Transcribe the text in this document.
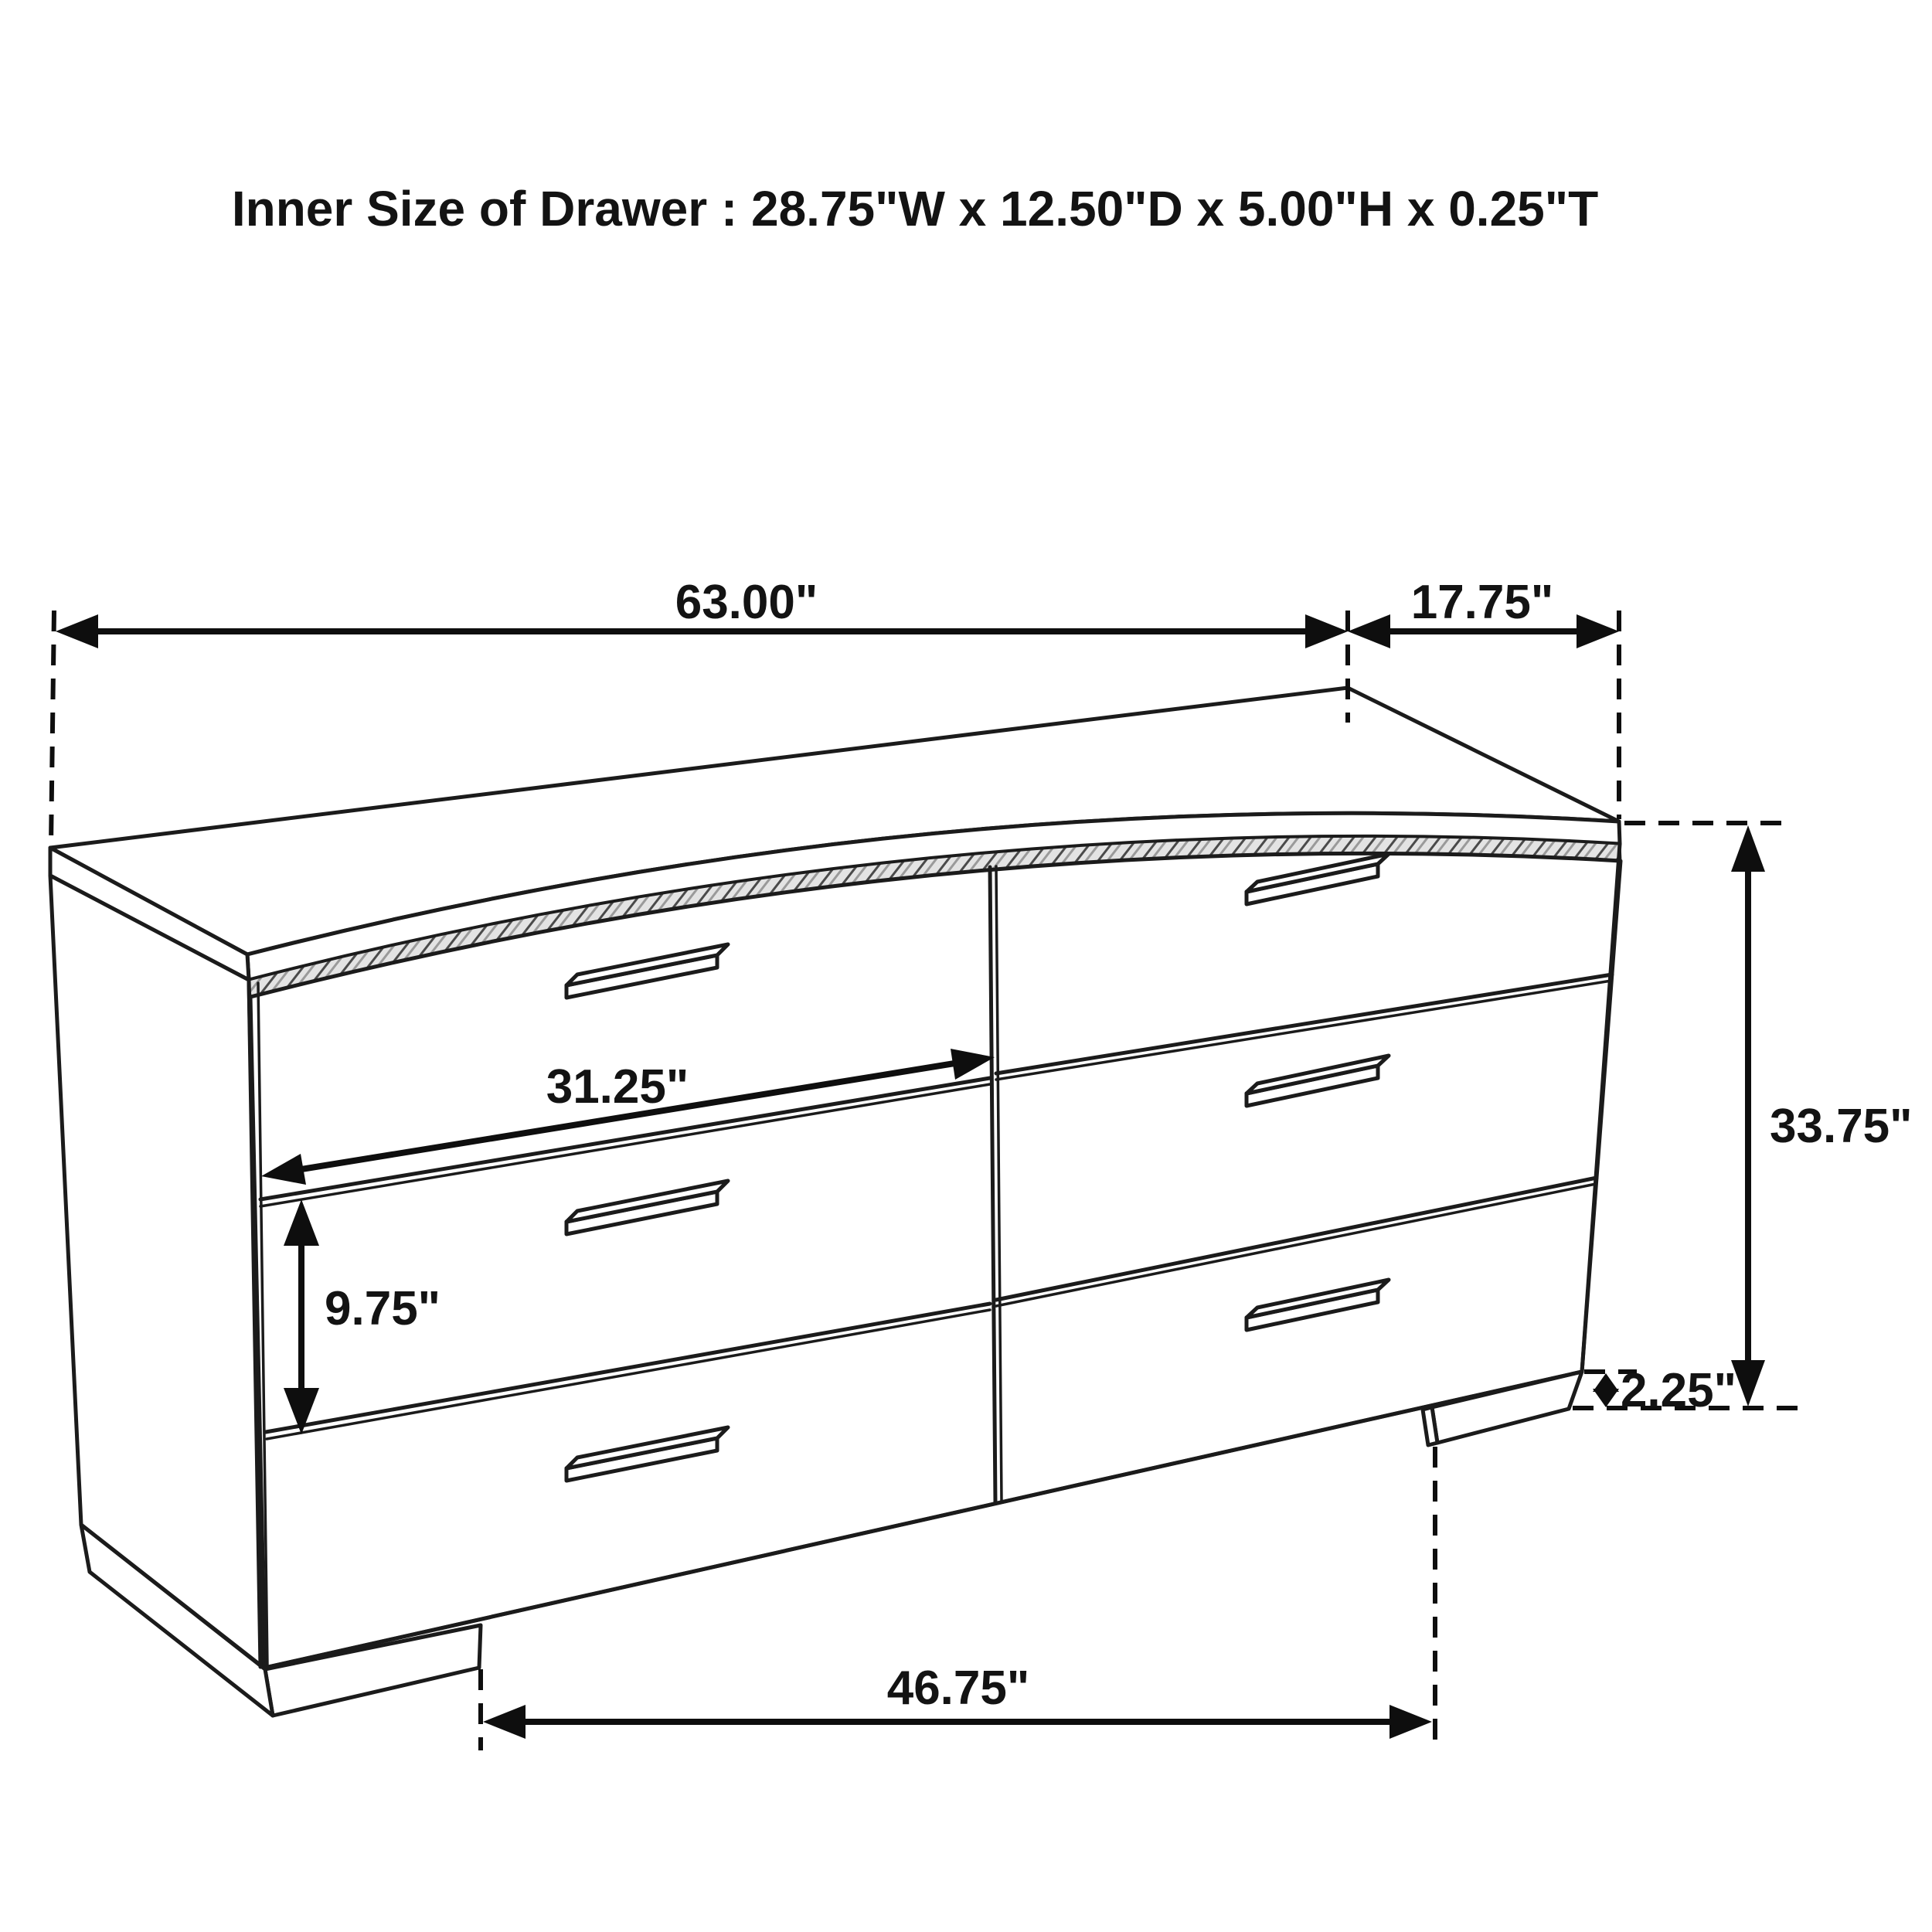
63.00"	17.75"
33.75"
31.25"
9.75"
2.25"
46.75"
Inner Size of Drawer : 28.75"W x 12.50"D x 5.00"H x 0.25"T
